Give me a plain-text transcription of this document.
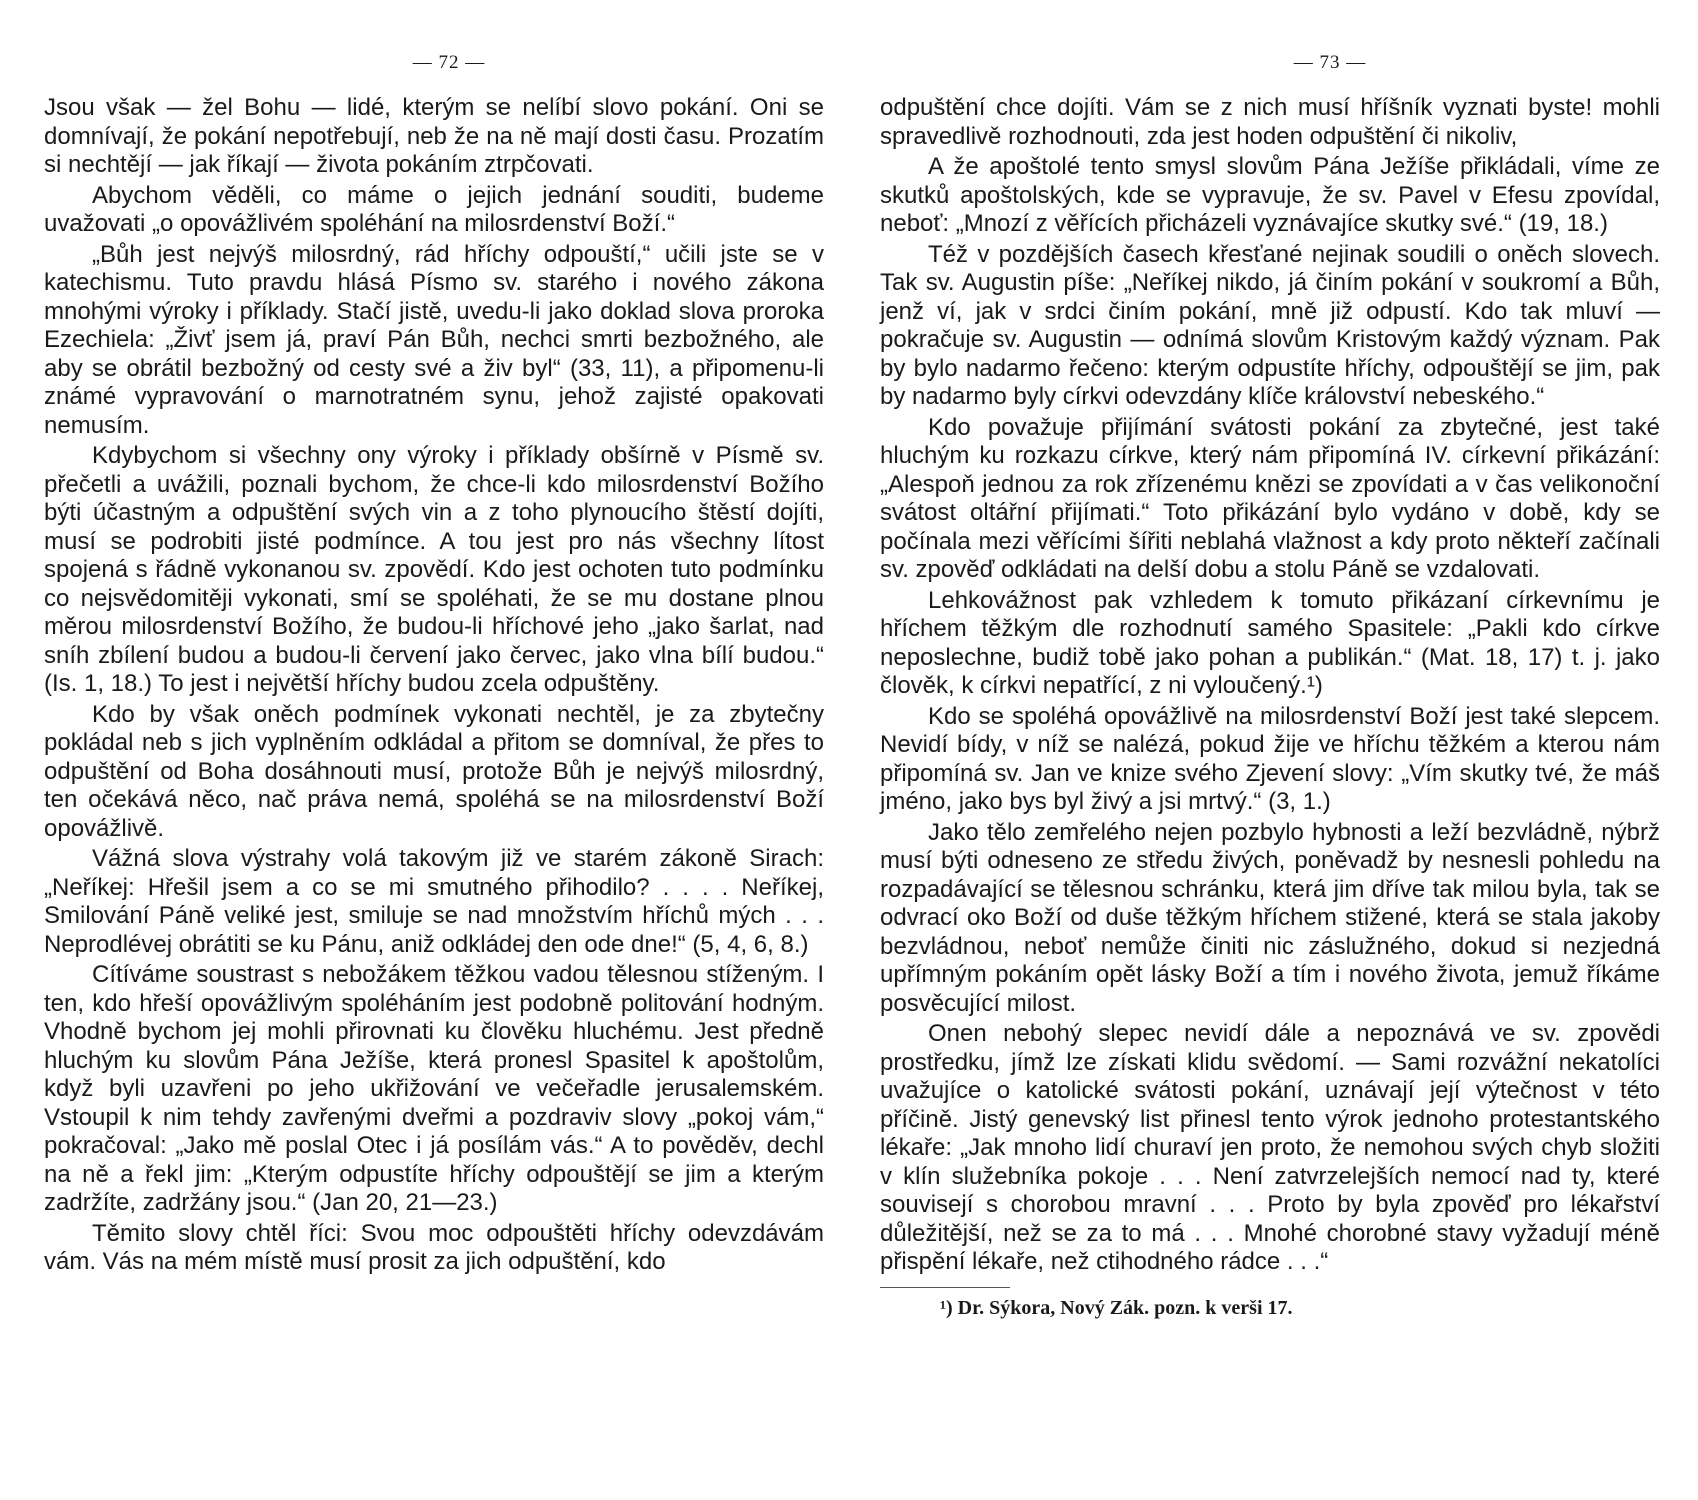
— 72 —

Jsou však — žel Bohu — lidé, kterým se nelíbí slovo pokání. Oni se domnívají, že pokání nepotřebují, neb že na ně mají dosti času. Prozatím si nechtějí — jak říkají — života pokáním ztrpčovati.

Abychom věděli, co máme o jejich jednání souditi, budeme uvažovati „o opovážlivém spoléhání na milosrdenství Boží.“

„Bůh jest nejvýš milosrdný, rád hříchy odpouští,“ učili jste se v katechismu. Tuto pravdu hlásá Písmo sv. starého i nového zákona mnohými výroky i příklady. Stačí jistě, uvedu-li jako doklad slova proroka Ezechiela: „Živť jsem já, praví Pán Bůh, nechci smrti bezbožného, ale aby se obrátil bezbožný od cesty své a živ byl“ (33, 11), a připomenu-li známé vypravování o marnotratném synu, jehož zajisté opakovati nemusím.

Kdybychom si všechny ony výroky i příklady obšírně v Písmě sv. přečetli a uvážili, poznali bychom, že chce-li kdo milosrdenství Božího býti účastným a odpuštění svých vin a z toho plynoucího štěstí dojíti, musí se podrobiti jisté podmínce. A tou jest pro nás všechny lítost spojená s řádně vykonanou sv. zpovědí. Kdo jest ochoten tuto podmínku co nejsvědomitěji vykonati, smí se spoléhati, že se mu dostane plnou měrou milosrdenství Božího, že budou-li hříchové jeho „jako šarlat, nad sníh zbílení budou a budou-li červení jako červec, jako vlna bílí budou.“ (Is. 1, 18.) To jest i největší hříchy budou zcela odpuštěny.

Kdo by však oněch podmínek vykonati nechtěl, je za zbytečny pokládal neb s jich vyplněním odkládal a přitom se domníval, že přes to odpuštění od Boha dosáhnouti musí, protože Bůh je nejvýš milosrdný, ten očekává něco, nač práva nemá, spoléhá se na milosrdenství Boží opovážlivě.

Vážná slova výstrahy volá takovým již ve starém zákoně Sirach: „Neříkej: Hřešil jsem a co se mi smutného přihodilo? . . . . Neříkej, Smilování Páně veliké jest, smiluje se nad množstvím hříchů mých . . . Neprodlévej obrátiti se ku Pánu, aniž odkládej den ode dne!“ (5, 4, 6, 8.)

Cítíváme soustrast s nebožákem těžkou vadou tělesnou stíženým. I ten, kdo hřeší opovážlivým spoléháním jest podobně politování hodným. Vhodně bychom jej mohli přirovnati ku člověku hluchému. Jest předně hluchým ku slovům Pána Ježíše, která pronesl Spasitel k apoštolům, když byli uzavřeni po jeho ukřižování ve večeřadle jerusalemském. Vstoupil k nim tehdy zavřenými dveřmi a pozdraviv slovy „pokoj vám,“ pokračoval: „Jako mě poslal Otec i já posílám vás.“ A to pověděv, dechl na ně a řekl jim: „Kterým odpustíte hříchy odpouštějí se jim a kterým zadržíte, zadržány jsou.“ (Jan 20, 21—23.)

Těmito slovy chtěl říci: Svou moc odpouštěti hříchy odevzdávám vám. Vás na mém místě musí prosit za jich odpuštění, kdo

— 73 —

odpuštění chce dojíti. Vám se z nich musí hříšník vyznati byste! mohli spravedlivě rozhodnouti, zda jest hoden odpuštění či nikoliv,

A že apoštolé tento smysl slovům Pána Ježíše přikládali, víme ze skutků apoštolských, kde se vypravuje, že sv. Pavel v Efesu zpovídal, neboť: „Mnozí z věřících přicházeli vyznávajíce skutky své.“ (19, 18.)

Též v pozdějších časech křesťané nejinak soudili o oněch slovech. Tak sv. Augustin píše: „Neříkej nikdo, já činím pokání v soukromí a Bůh, jenž ví, jak v srdci činím pokání, mně již odpustí. Kdo tak mluví — pokračuje sv. Augustin — odnímá slovům Kristovým každý význam. Pak by bylo nadarmo řečeno: kterým odpustíte hříchy, odpouštějí se jim, pak by nadarmo byly církvi odevzdány klíče království nebeského.“

Kdo považuje přijímání svátosti pokání za zbytečné, jest také hluchým ku rozkazu církve, který nám připomíná IV. církevní přikázání: „Alespoň jednou za rok zřízenému knězi se zpovídati a v čas velikonoční svátost oltářní přijímati.“ Toto přikázání bylo vydáno v době, kdy se počínala mezi věřícími šířiti neblahá vlažnost a kdy proto někteří začínali sv. zpověď odkládati na delší dobu a stolu Páně se vzdalovati.

Lehkovážnost pak vzhledem k tomuto přikázaní církevnímu je hříchem těžkým dle rozhodnutí samého Spasitele: „Pakli kdo církve neposlechne, budiž tobě jako pohan a publikán.“ (Mat. 18, 17) t. j. jako člověk, k církvi nepatřící, z ni vyloučený.¹)

Kdo se spoléhá opovážlivě na milosrdenství Boží jest také slepcem. Nevidí bídy, v níž se nalézá, pokud žije ve hříchu těžkém a kterou nám připomíná sv. Jan ve knize svého Zjevení slovy: „Vím skutky tvé, že máš jméno, jako bys byl živý a jsi mrtvý.“ (3, 1.)

Jako tělo zemřelého nejen pozbylo hybnosti a leží bezvládně, nýbrž musí býti odneseno ze středu živých, poněvadž by nesnesli pohledu na rozpadávající se tělesnou schránku, která jim dříve tak milou byla, tak se odvrací oko Boží od duše těžkým hříchem stižené, která se stala jakoby bezvládnou, neboť nemůže činiti nic záslužného, dokud si nezjedná upřímným pokáním opět lásky Boží a tím i nového života, jemuž říkáme posvěcující milost.

Onen nebohý slepec nevidí dále a nepoznává ve sv. zpovědi prostředku, jímž lze získati klidu svědomí. — Sami rozvážní nekatolíci uvažujíce o katolické svátosti pokání, uznávají její výtečnost v této příčině. Jistý genevský list přinesl tento výrok jednoho protestantského lékaře: „Jak mnoho lidí churaví jen proto, že nemohou svých chyb složiti v klín služebníka pokoje . . . Není zatvrzelejších nemocí nad ty, které souvisejí s chorobou mravní . . . Proto by byla zpověď pro lékařství důležitější, než se za to má . . . Mnohé chorobné stavy vyžadují méně přispění lékaře, než ctihodného rádce . . .“

¹) Dr. Sýkora, Nový Zák. pozn. k verši 17.
